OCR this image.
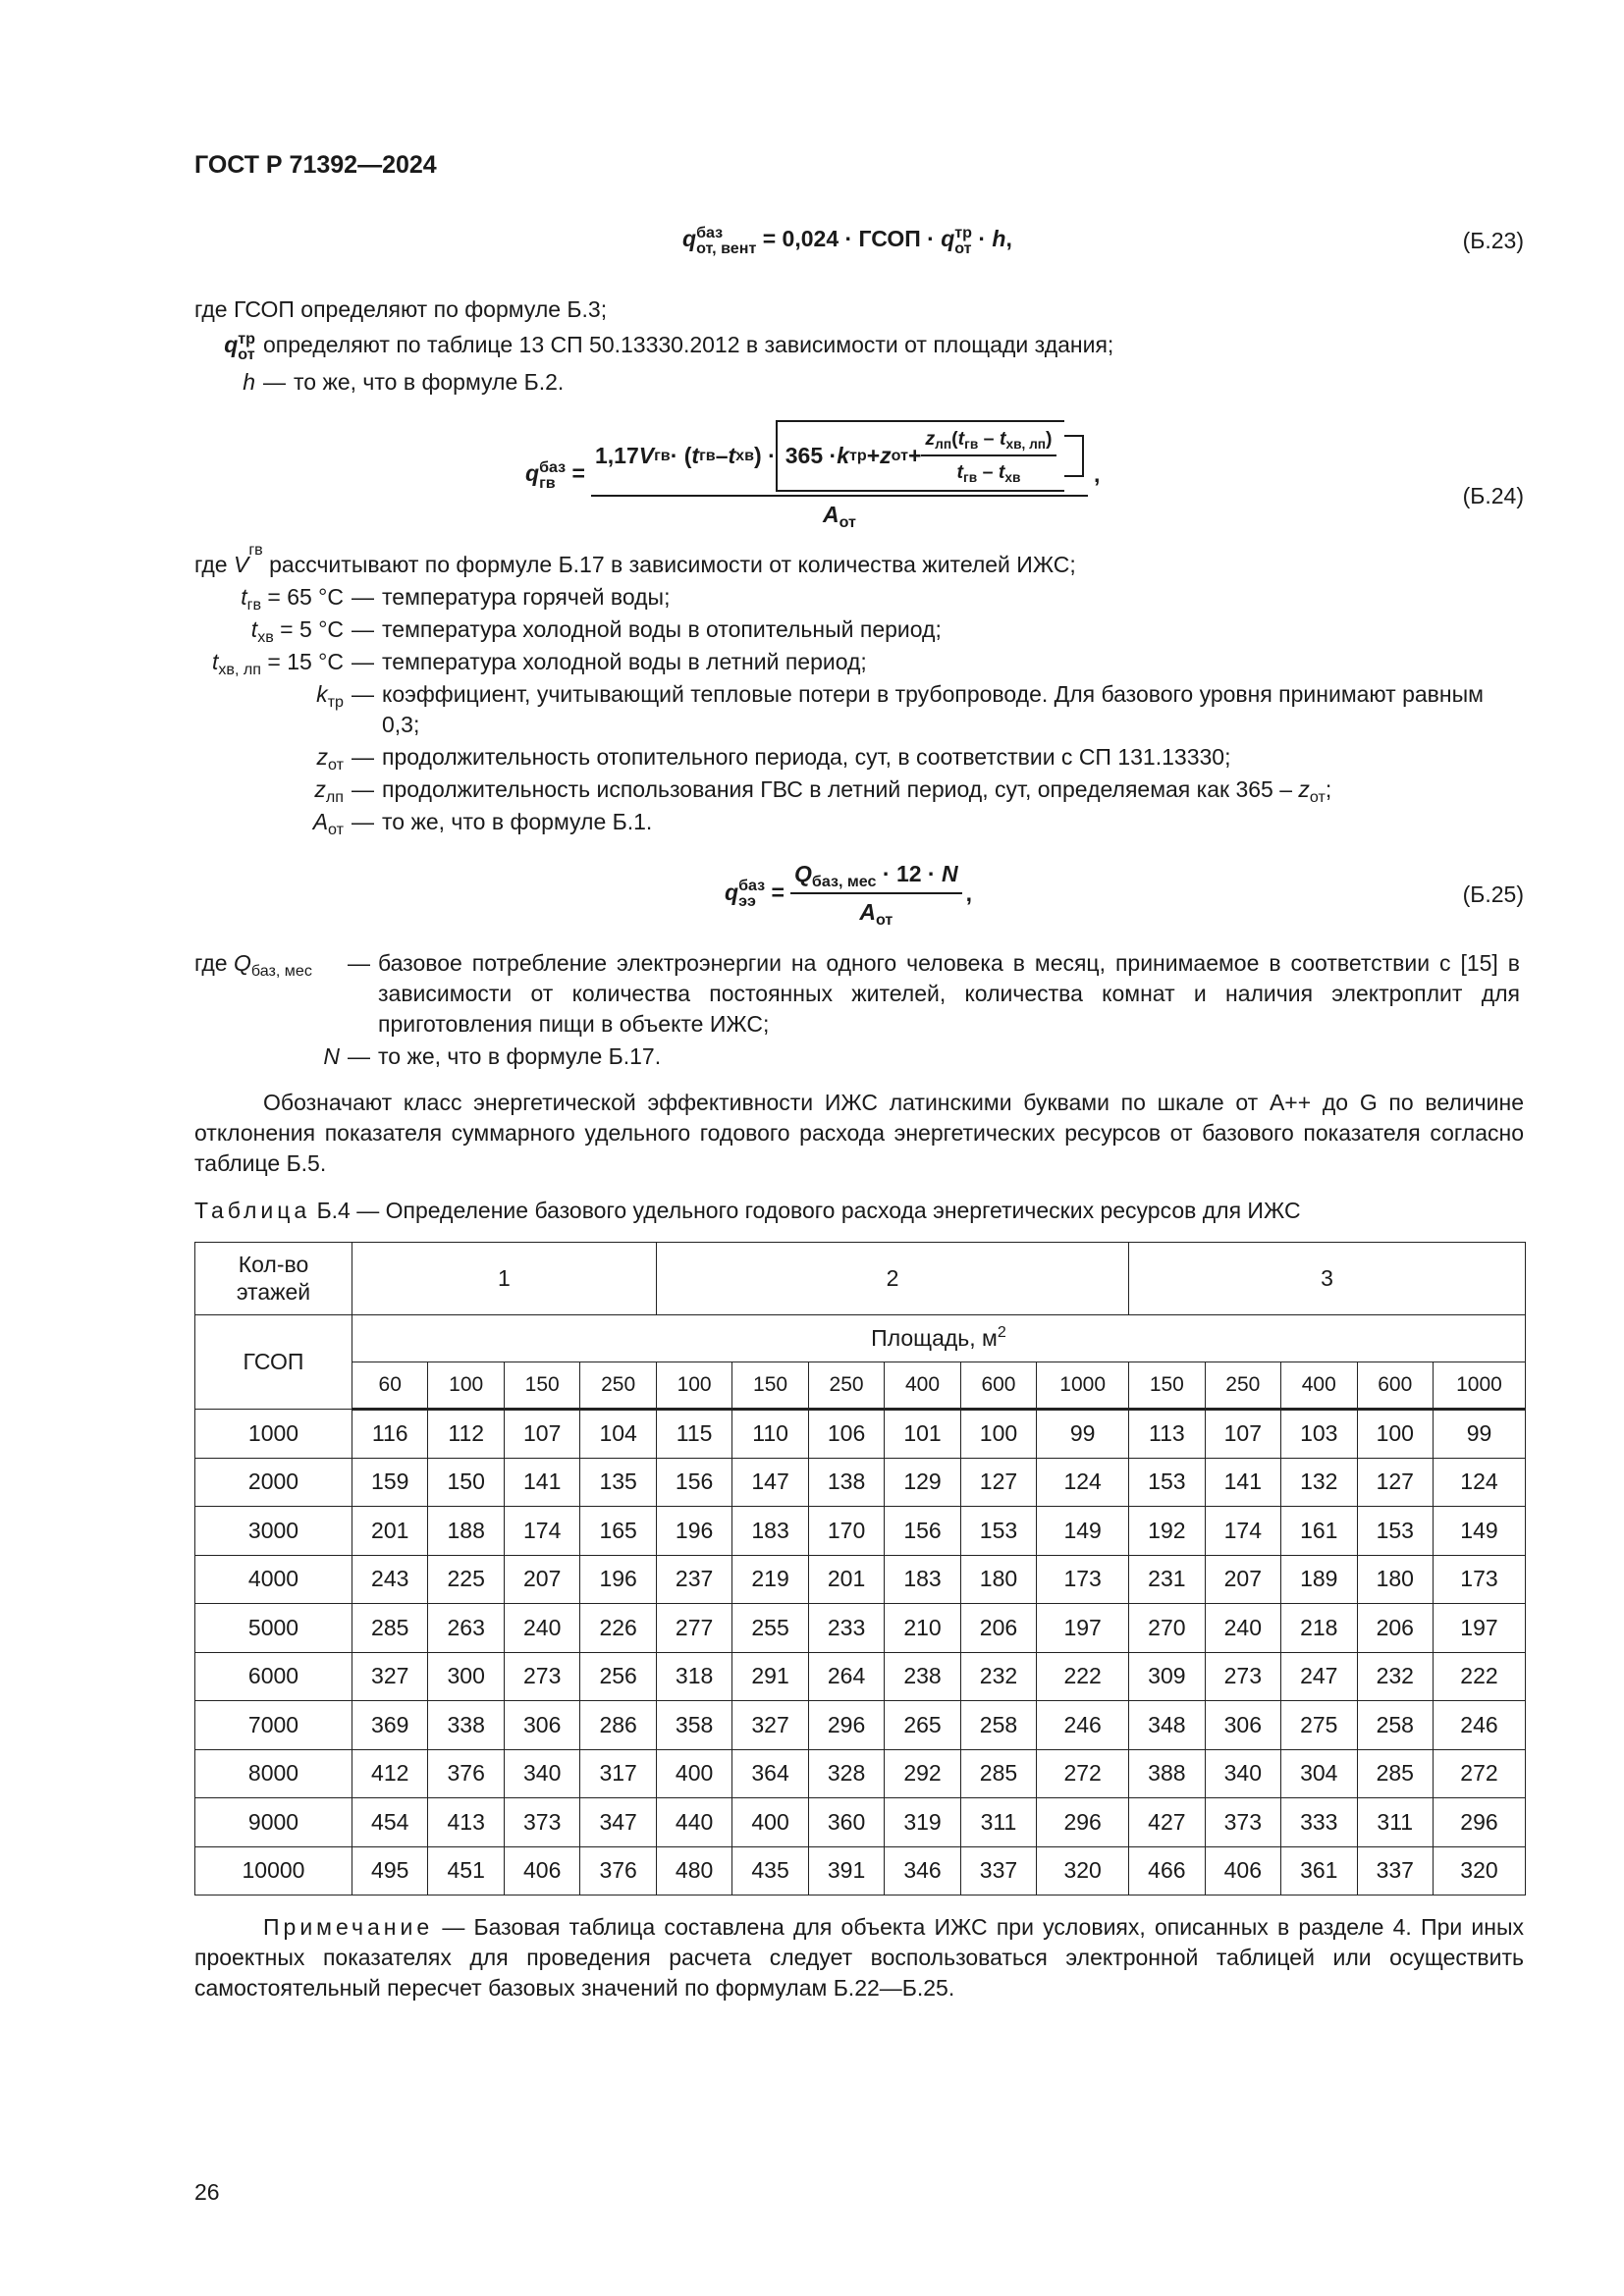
ГОСТ Р 71392—2024
q баз
от, вент = 0,024 · ГСОП · q тр
от · h,	(Б.23)
где ГСОП определяют по формуле Б.3;
q тр
от определяют по таблице 13 СП 50.13330.2012 в зависимости от площади здания;
h — то же, что в формуле Б.2.
q баз
гв =
1,17 V гв · ( t гв – t хв ) · 365 · k тр + z от + $\frac{z_{лп}(t_{гв} - t_{хв, лп})}{t_{гв} - t_{хв}}$

$A_{от}$
,
(Б.24)
где
V
гв

рассчитывают по формуле Б.17 в зависимости от количества жителей ИЖС;
$t_{гв} = 65$ °C — температура горячей воды;
$t_{хв} = 5$ °C — температура холодной воды в отопительный период;
$t_{хв, лп} = 15$ °C — температура холодной воды в летний период;
$k_{тр}$ — коэффициент, учитывающий тепловые потери в трубопроводе. Для базового уровня принимают равным 0,3;
$z_{от}$ — продолжительность отопительного периода, сут, в соответствии с СП 131.13330;
$z_{лп}$ — продолжительность использования ГВС в летний период, сут, определяемая как $365 - z_{от}$;
$A_{от}$ — то же, что в формуле Б.1.
q баз
ээ = $\frac{Q_{баз, мес} \cdot 12 \cdot N}{A_{от}}$ ,	(Б.25)
где $Q_{баз, мес}$	— базовое потребление электроэнергии на одного человека в месяц, принимаемое в соответствии с [15] в зависимости от количества постоянных жителей, количества комнат и наличия электроплит для приготовления пищи в объекте ИЖС;
N — то же, что в формуле Б.17.
Обозначают класс энергетической эффективности ИЖС латинскими буквами по шкале от А++ до G по величине отклонения показателя суммарного удельного годового расхода энергетических ресурсов от базового показателя согласно таблице Б.5.
Таблица Б.4 — Определение базового удельного годового расхода энергетических ресурсов для ИЖС
Кол-во этажей	1				2						3				
ГСОП	Площадь, $м^2$
	60	100	150	250	100	150	250	400	600	1000	150	250	400	600	1000
1000	116	112	107	104	115	110	106	101	100	99	113	107	103	100	99
2000	159	150	141	135	156	147	138	129	127	124	153	141	132	127	124
3000	201	188	174	165	196	183	170	156	153	149	192	174	161	153	149
4000	243	225	207	196	237	219	201	183	180	173	231	207	189	180	173
5000	285	263	240	226	277	255	233	210	206	197	270	240	218	206	197
6000	327	300	273	256	318	291	264	238	232	222	309	273	247	232	222
7000	369	338	306	286	358	327	296	265	258	246	348	306	275	258	246
8000	412	376	340	317	400	364	328	292	285	272	388	340	304	285	272
9000	454	413	373	347	440	400	360	319	311	296	427	373	333	311	296
10000	495	451	406	376	480	435	391	346	337	320	466	406	361	337	320
Примечание — Базовая таблица составлена для объекта ИЖС при условиях, описанных в разделе 4. При иных проектных показателях для проведения расчета следует воспользоваться электронной таблицей или осуществить самостоятельный пересчет базовых значений по формулам Б.22—Б.25.
26
